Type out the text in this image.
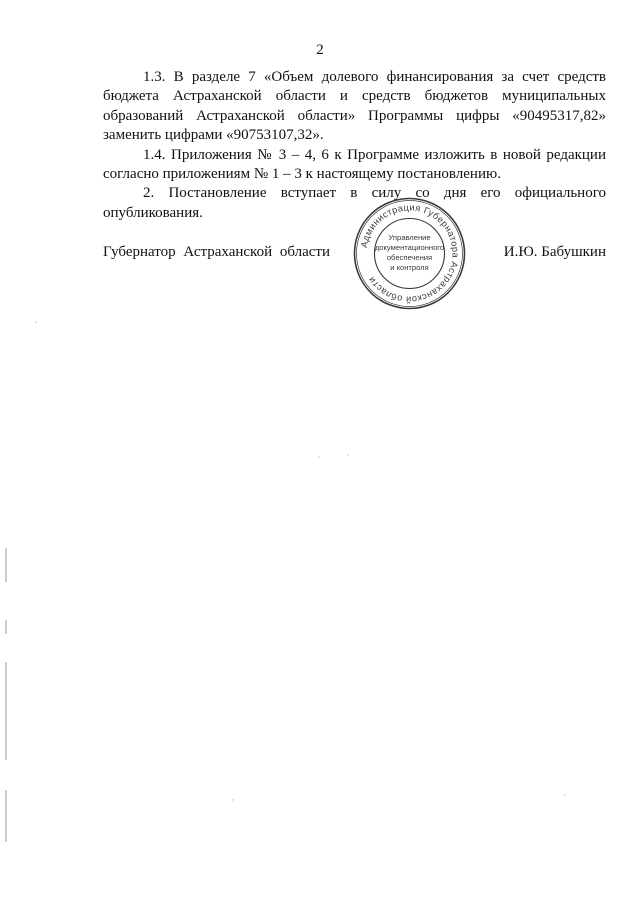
2

1.3. В разделе 7 «Объем долевого финансирования за счет средств бюджета Астраханской области и средств бюджетов муниципальных образований Астраханской области» Программы цифры «90495317,82» заменить цифрами «90753107,32».

1.4. Приложения № 3 – 4, 6 к Программе изложить в новой редакции согласно приложениям № 1 – 3 к настоящему постановлению.

2. Постановление вступает в силу со дня его официального опубликования.

Губернатор Астраханской области	И.Ю. Бабушкин
Администрация Губернатора Астраханской области
Управление
документационного
обеспечения
и контроля
